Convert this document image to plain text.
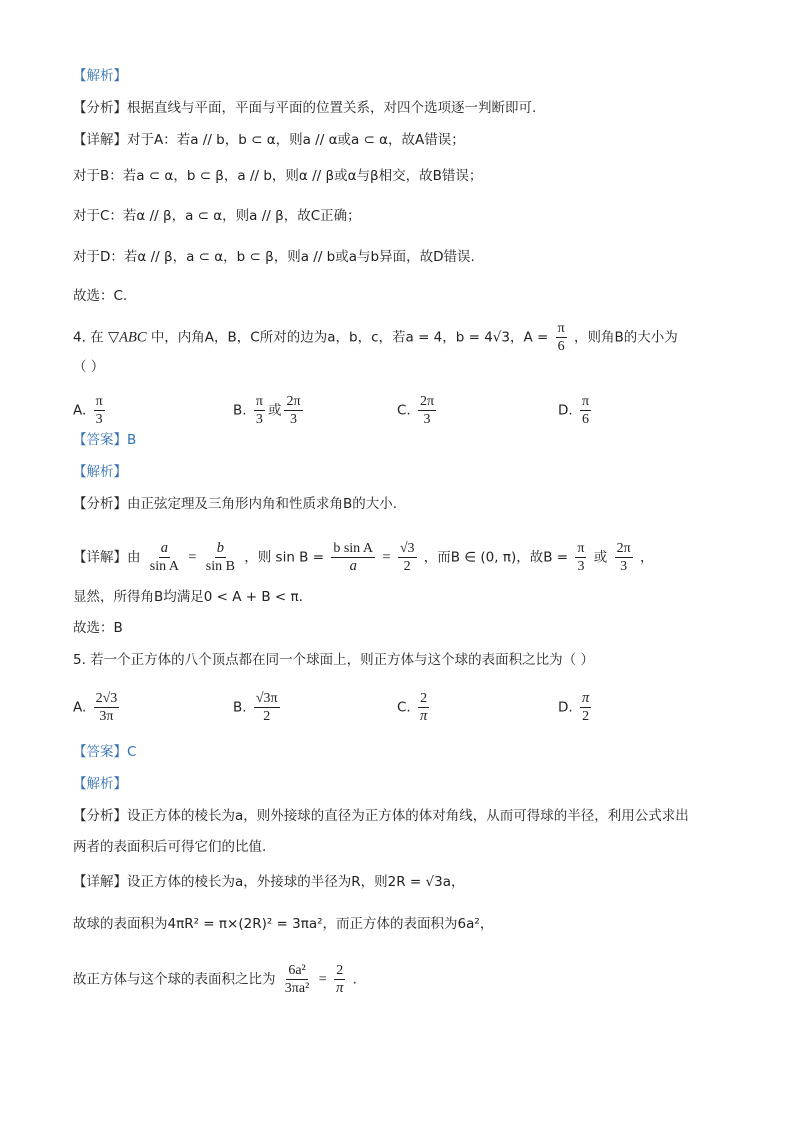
【解析】
【分析】根据直线与平面，平面与平面的位置关系，对四个选项逐一判断即可.
【详解】对于A：若a // b，b ⊂ α，则a // α或a ⊂ α，故A错误；
对于B：若a ⊂ α，b ⊂ β，a // b，则α // β或α与β相交，故B错误；
对于C：若α // β，a ⊂ α，则a // β，故C正确；
对于D：若α // β，a ⊂ α，b ⊂ β，则a // b或a与b异面，故D错误.
故选：C.
4. 在 ▽ABC 中，内角A，B，C所对的边为a，b，c，若a = 4，b = 4√3，$A = \frac{\pi}{6}$ ，则角B的大小为
（ ）
A. $\frac{\pi}{3}$	B. $\frac{\pi}{3}$ 或 $\frac{2\pi}{3}$	C. $\frac{2\pi}{3}$	D. $\frac{\pi}{6}$
【答案】B
【解析】
【分析】由正弦定理及三角形内角和性质求角B的大小.
【详解】由 $\frac{a}{\text{sin A}} = \frac{b}{\text{sin B}}$ ，则 $\sin B = \frac{\text{b sin A}}{a} = \frac{√3}{2}$ ，而B ∈ (0, π)，故$B = \frac{\pi}{3}$ 或 $\frac{2\pi}{3}$ ，
显然，所得角B均满足0 < A + B < π.
故选：B
5. 若一个正方体的八个顶点都在同一个球面上，则正方体与这个球的表面积之比为（ ）
A. $\frac{2√3}{3\pi}$	B. $\frac{√3\pi}{2}$	C. $\frac{2}{\pi}$	D. $\frac{\pi}{2}$
【答案】C
【解析】
【分析】设正方体的棱长为a，则外接球的直径为正方体的体对角线，从而可得球的半径，利用公式求出
两者的表面积后可得它们的比值.
【详解】设正方体的棱长为a，外接球的半径为R，则2R = √3a，
故球的表面积为4πR² = π×(2R)² = 3πa²，而正方体的表面积为6a²，
故正方体与这个球的表面积之比为 $\frac{\text{6a²}}{\text{3πa²}} = \frac{2}{\pi}$ .
